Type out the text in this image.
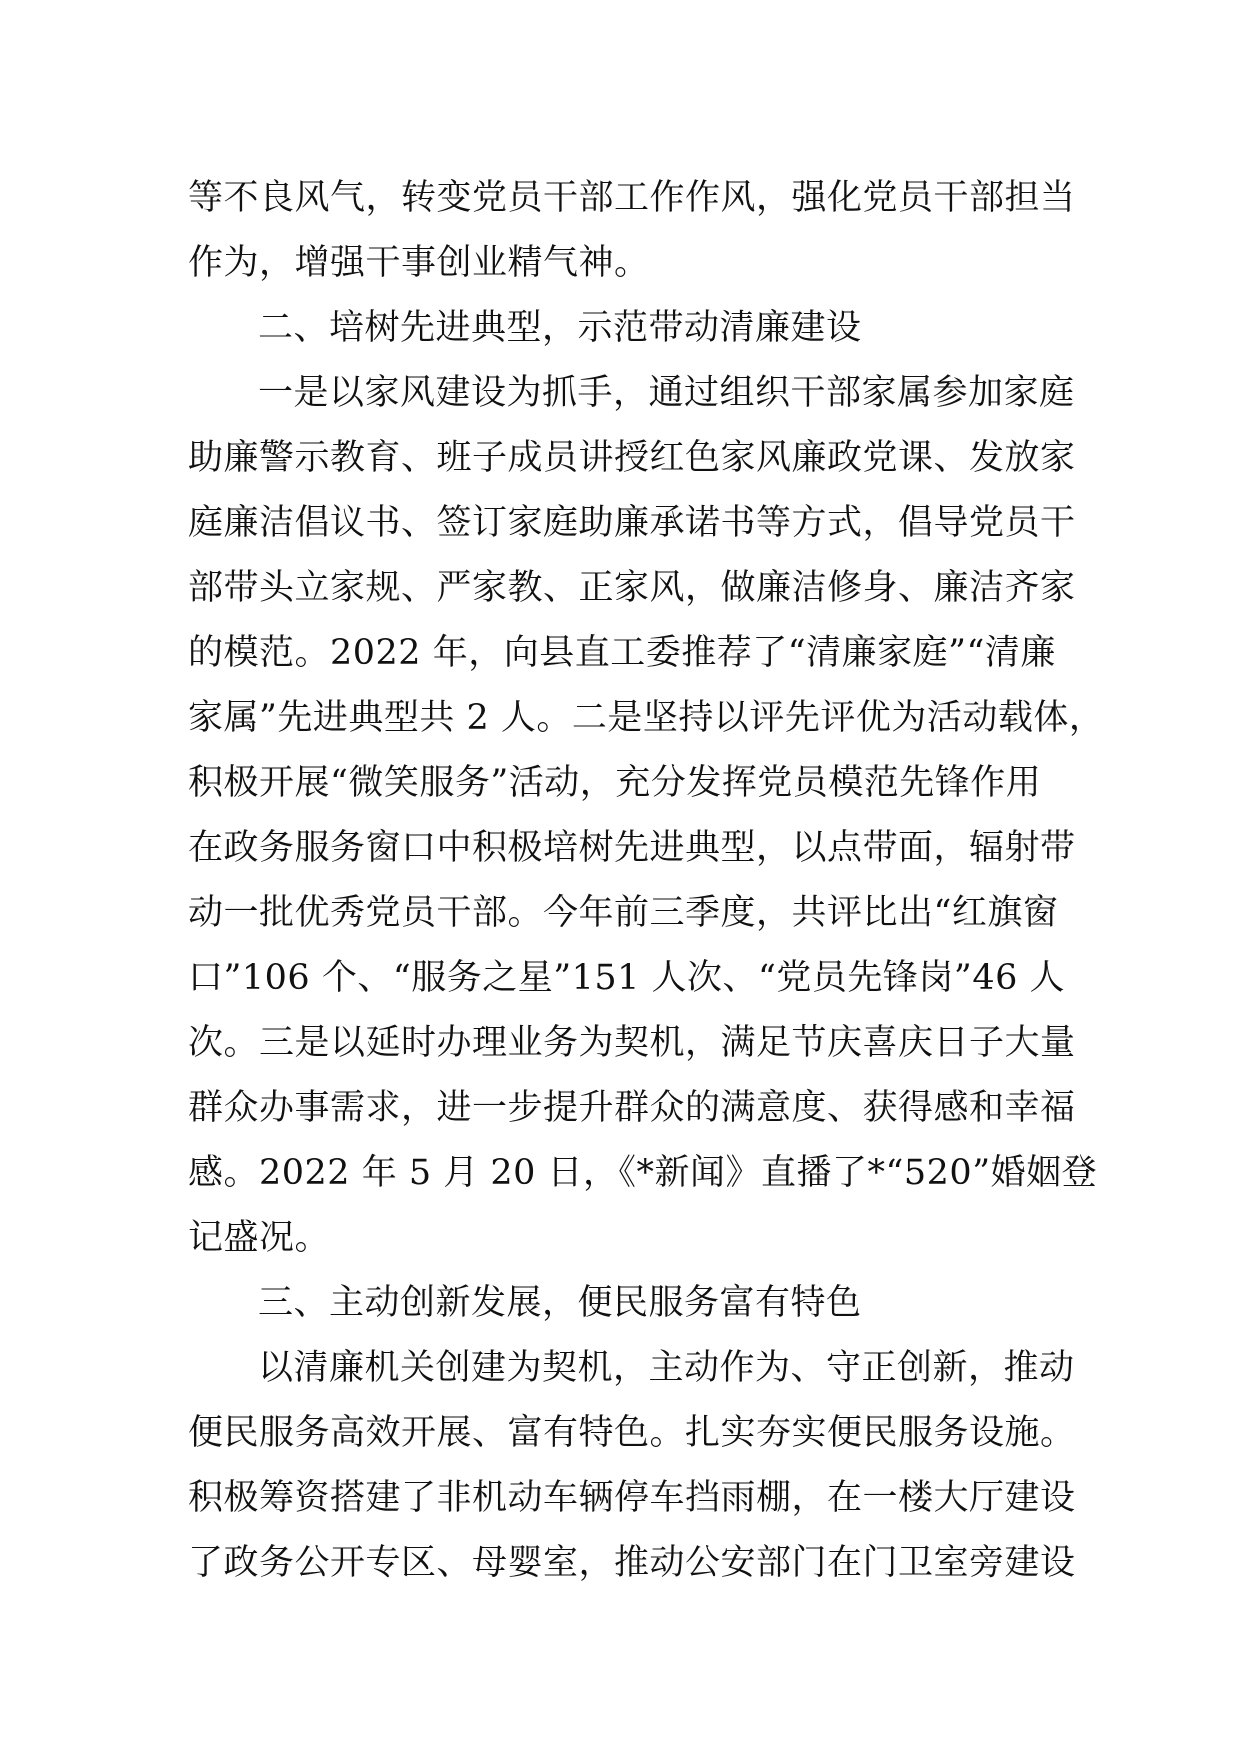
等不良风气，转变党员干部工作作风，强化党员干部担当
作为，增强干事创业精气神。
二、培树先进典型，示范带动清廉建设
一是以家风建设为抓手，通过组织干部家属参加家庭
助廉警示教育、班子成员讲授红色家风廉政党课、发放家
庭廉洁倡议书、签订家庭助廉承诺书等方式，倡导党员干
部带头立家规、严家教、正家风，做廉洁修身、廉洁齐家
的模范。2022 年，向县直工委推荐了“清廉家庭”“清廉
家属”先进典型共 2 人。二是坚持以评先评优为活动载体，
积极开展“微笑服务”活动，充分发挥党员模范先锋作用
在政务服务窗口中积极培树先进典型，以点带面，辐射带
动一批优秀党员干部。今年前三季度，共评比出“红旗窗
口”106 个、“服务之星”151 人次、“党员先锋岗”46 人
次。三是以延时办理业务为契机，满足节庆喜庆日子大量
群众办事需求，进一步提升群众的满意度、获得感和幸福
感。2022 年 5 月 20 日，《*新闻》直播了*“520”婚姻登
记盛况。
三、主动创新发展，便民服务富有特色
以清廉机关创建为契机，主动作为、守正创新，推动
便民服务高效开展、富有特色。扎实夯实便民服务设施。
积极筹资搭建了非机动车辆停车挡雨棚，在一楼大厅建设
了政务公开专区、母婴室，推动公安部门在门卫室旁建设
